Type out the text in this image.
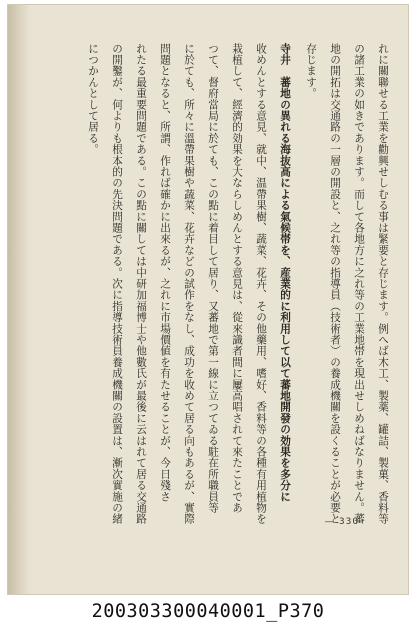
れに關聯せる工業を勸興せしむる事は緊要と存じます。例へば木工、製薬、罐詰、製菓、香料等
の諸工業の如きであります。而して各地方に之れ等の工業地帯を現出せしめねばなりません。蕃
地の開拓は交通路の一層の開設と、之れ等の指導員（技術者）の養成機關を設くることが必要と
存じます。
寺井　蕃地の異れる海抜高による氣候帯を、産業的に利用して以て蕃地開發の効果を多分に
收めんとする意見、就中、温帶果樹、蔬菜、花卉、その他藥用、嗜好、香料等の各種有用植物を
栽植して、經濟的効果を大ならしめんとする意見は、從來識者間に屢高唱されて來たことであ
つて、督府當局に於ても、この點に着目して居り、又蕃地で第一線に立つてゐる駐在所職員等
に於ても、所々に溫帶果樹や蔬菜、花卉などの試作をなし、成功を收めて居る向もあるが、實際
問題となると、所謂、作れば確かに出來るが、之れに市場價値を有たせることが、今日殘さ
れたる最重要問題である。この點に關しては中研加福博士や他數氏が最後に云はれて居る交通路
の開鑿が、何よりも根本的の先決問題である。次に指導技術員養成機關の設置は、漸次實施の緒
につかんとして居る。
― 330
200303300040001_P370
